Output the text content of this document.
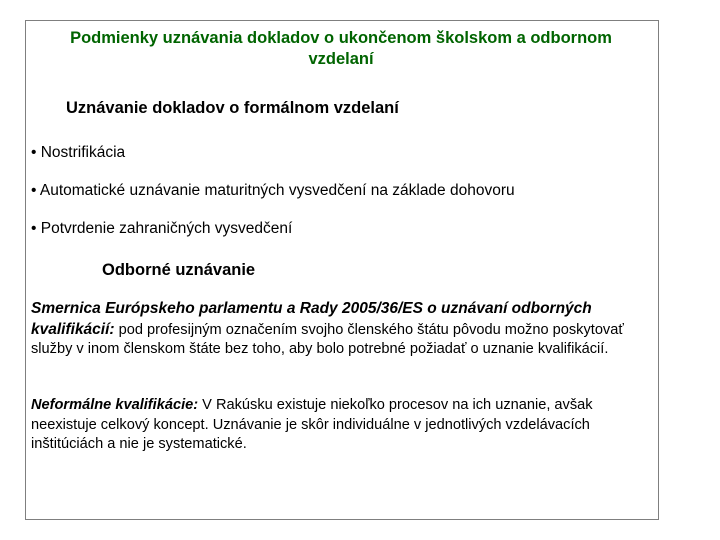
Podmienky uznávania dokladov o ukončenom školskom a odbornom vzdelaní
Uznávanie dokladov o formálnom vzdelaní
• Nostrifikácia
• Automatické uznávanie maturitných vysvedčení na základe dohovoru
• Potvrdenie zahraničných vysvedčení
Odborné uznávanie
Smernica Európskeho parlamentu a Rady 2005/36/ES o uznávaní odborných kvalifikácií: pod profesijným označením svojho členského štátu pôvodu možno poskytovať služby v inom členskom štáte bez toho, aby bolo potrebné požiadať o uznanie kvalifikácií.
Neformálne kvalifikácie: V Rakúsku existuje niekoľko procesov na ich uznanie, avšak neexistuje celkový koncept. Uznávanie je skôr individuálne v jednotlivých vzdelávacích inštitúciách a nie je systematické.
